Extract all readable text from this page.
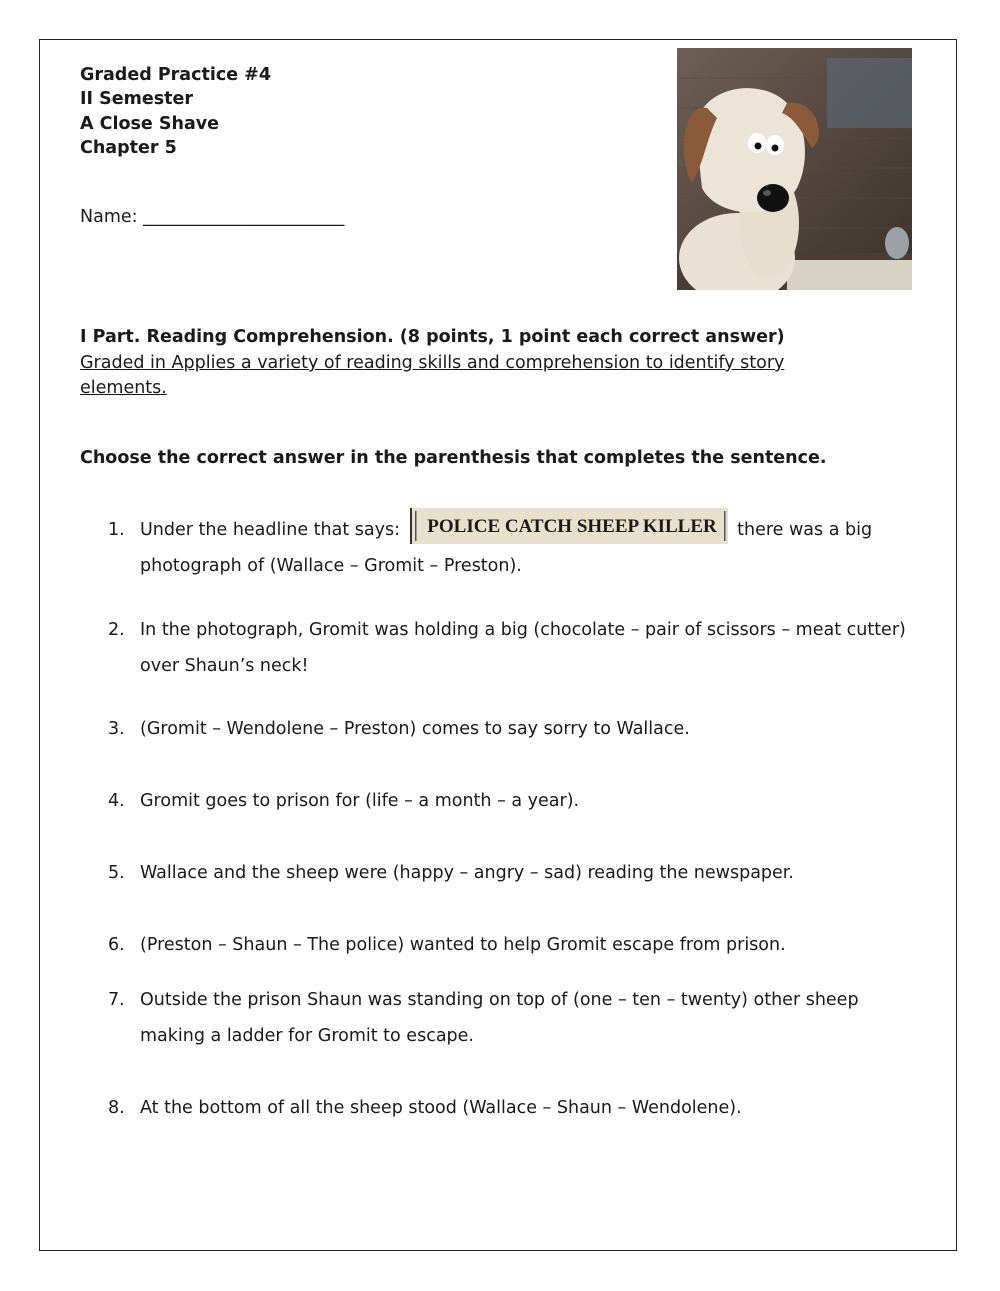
Graded Practice #4
II Semester
A Close Shave
Chapter 5
Name: _______________________
I Part. Reading Comprehension. (8 points, 1 point each correct answer)
Graded in Applies a variety of reading skills and comprehension to identify story elements.
Choose the correct answer in the parenthesis that completes the sentence.
1. Under the headline that says: POLICE CATCH SHEEP KILLER there was a big photograph of (Wallace – Gromit – Preston).
2. In the photograph, Gromit was holding a big (chocolate – pair of scissors – meat cutter) over Shaun’s neck!
3. (Gromit – Wendolene – Preston) comes to say sorry to Wallace.
4. Gromit goes to prison for (life – a month – a year).
5. Wallace and the sheep were (happy – angry – sad) reading the newspaper.
6. (Preston – Shaun – The police) wanted to help Gromit escape from prison.
7. Outside the prison Shaun was standing on top of (one – ten – twenty) other sheep making a ladder for Gromit to escape.
8. At the bottom of all the sheep stood (Wallace – Shaun – Wendolene).
